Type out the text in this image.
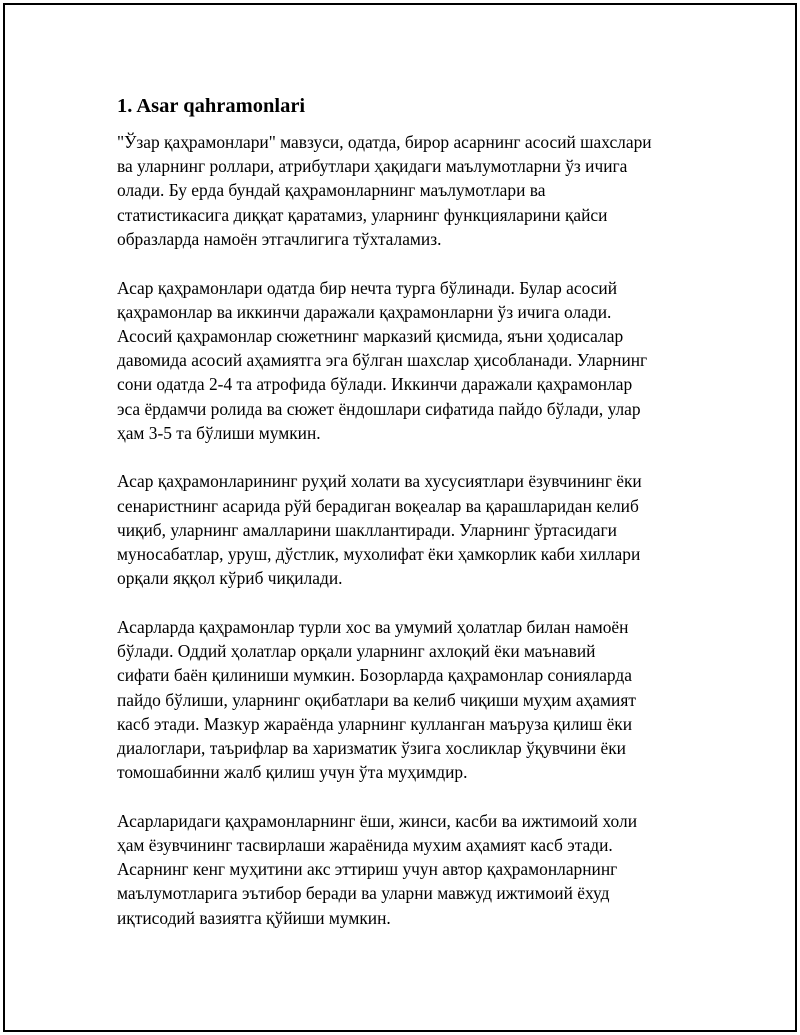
1. Asar qahramonlari

"Ўзар қаҳрамонлари" мавзуси, одатда, бирор асарнинг асосий шахслари
ва уларнинг роллари, атрибутлари ҳақидаги маълумотларни ўз ичига
олади. Бу ерда бундай қаҳрамонларнинг маълумотлари ва
статистикасига диққат қаратамиз, уларнинг функцияларини қайси
образларда намоён этгачлигига тўхталамиз.

Асар қаҳрамонлари одатда бир нечта турга бўлинади. Булар асосий
қаҳрамонлар ва иккинчи даражали қаҳрамонларни ўз ичига олади.
Асосий қаҳрамонлар сюжетнинг марказий қисмида, яъни ҳодисалар
давомида асосий аҳамиятга эга бўлган шахслар ҳисобланади. Уларнинг
сони одатда 2-4 та атрофида бўлади. Иккинчи даражали қаҳрамонлар
эса ёрдамчи ролида ва сюжет ёндошлари сифатида пайдо бўлади, улар
ҳам 3-5 та бўлиши мумкин.

Асар қаҳрамонларининг руҳий холати ва хусусиятлари ёзувчининг ёки
сенаристнинг асарида рўй берадиган воқеалар ва қарашларидан келиб
чиқиб, уларнинг амалларини шакллантиради. Уларнинг ўртасидаги
муносабатлар, уруш, дўстлик, мухолифат ёки ҳамкорлик каби хиллари
орқали яққол кўриб чиқилади.

Асарларда қаҳрамонлар турли хос ва умумий ҳолатлар билан намоён
бўлади. Оддий ҳолатлар орқали уларнинг ахлоқий ёки маънавий
сифати баён қилиниши мумкин. Бозорларда қаҳрамонлар сонияларда
пайдо бўлиши, уларнинг оқибатлари ва келиб чиқиши муҳим аҳамият
касб этади. Мазкур жараёнда уларнинг кулланган маъруза қилиш ёки
диалоглари, таърифлар ва харизматик ўзига хосликлар ўқувчини ёки
томошабинни жалб қилиш учун ўта муҳимдир.

Асарларидаги қаҳрамонларнинг ёши, жинси, касби ва ижтимоий холи
ҳам ёзувчининг тасвирлаши жараёнида мухим аҳамият касб этади.
Асарнинг кенг муҳитини акс эттириш учун автор қаҳрамонларнинг
маълумотларига эътибор беради ва уларни мавжуд ижтимоий ёхуд
иқтисодий вазиятга қўйиши мумкин.
